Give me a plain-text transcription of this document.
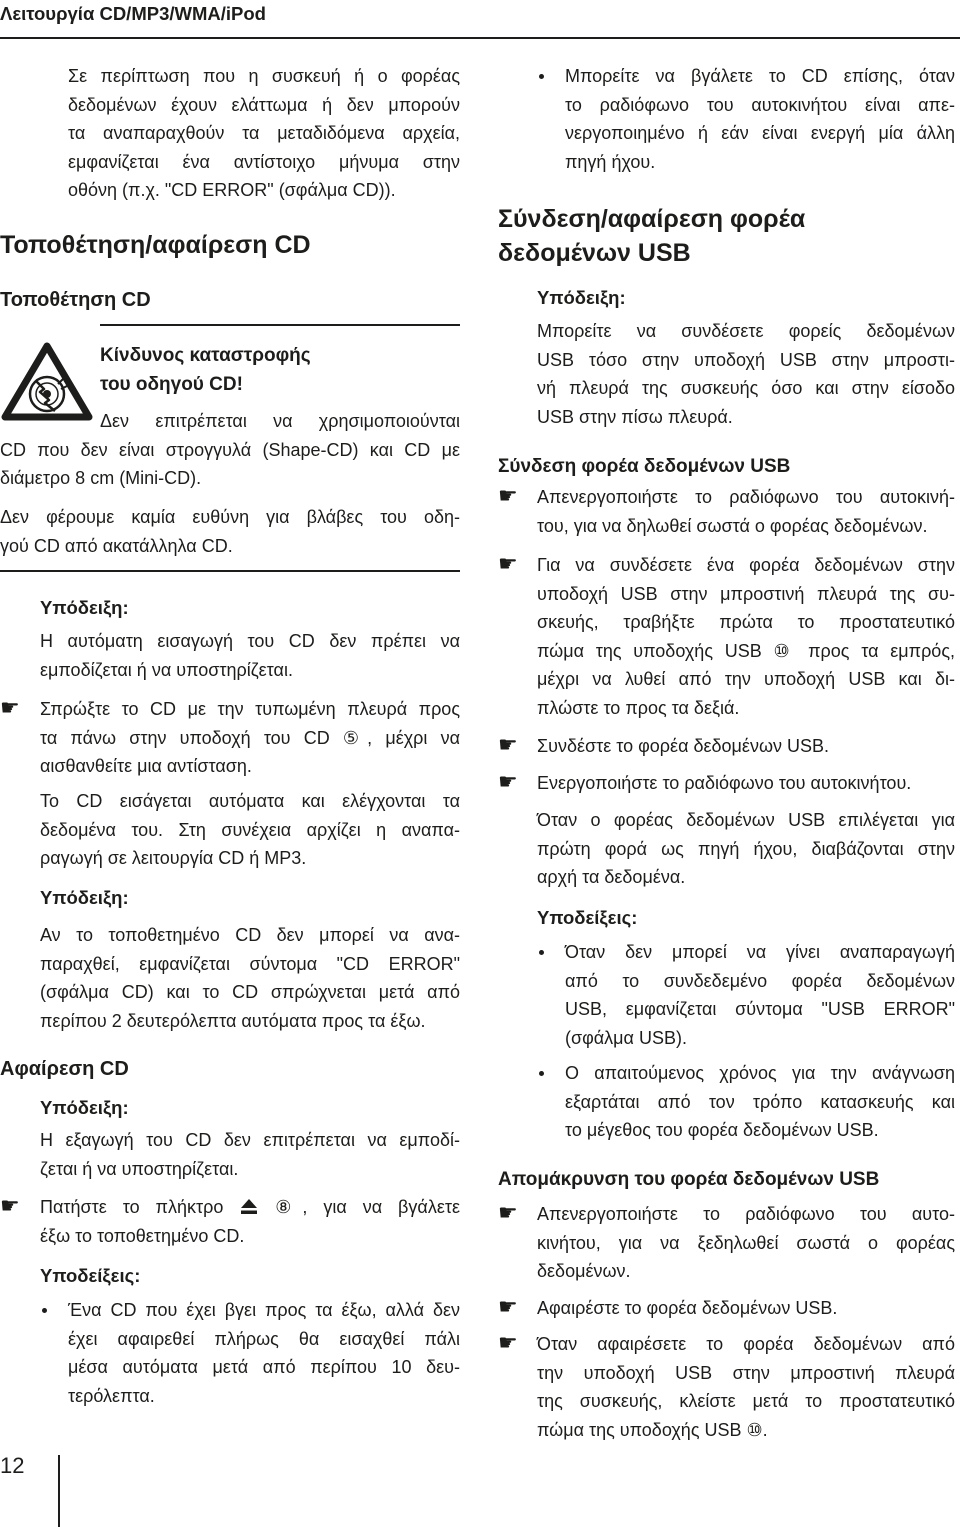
Λειτουργία CD/MP3/WMA/iPod
Σε περίπτωση που η συσκευή ή ο φορέας
δεδομένων έχουν ελάττωμα ή δεν μπορούν
τα αναπαραχθούν τα μεταδιδόμενα αρχεία,
εμφανίζεται ένα αντίστοιχο μήνυμα στην
οθόνη (π.χ. "CD ERROR" (σφάλμα CD)).
Τοποθέτηση/αφαίρεση CD
Τοποθέτηση CD
Κίνδυνος καταστροφής
του οδηγού CD!
Δεν επιτρέπεται να χρησιμοποιούνται
CD που δεν είναι στρογγυλά (Shape-CD) και CD με
διάμετρο 8 cm (Mini-CD).
Δεν φέρουμε καμία ευθύνη για βλάβες του οδη-
γού CD από ακατάλληλα CD.
Υπόδειξη:
Η αυτόματη εισαγωγή του CD δεν πρέπει να
εμποδίζεται ή να υποστηρίζεται.
☛
Σπρώξτε το CD με την τυπωμένη πλευρά προς
τα πάνω στην υποδοχή του CD ⑤, μέχρι να
αισθανθείτε μια αντίσταση.
Το CD εισάγεται αυτόματα και ελέγχονται τα
δεδομένα του. Στη συνέχεια αρχίζει η αναπα-
ραγωγή σε λειτουργία CD ή MP3.
Υπόδειξη:
Αν το τοποθετημένο CD δεν μπορεί να ανα-
παραχθεί, εμφανίζεται σύντομα "CD ERROR"
(σφάλμα CD) και το CD σπρώχνεται μετά από
περίπου 2 δευτερόλεπτα αυτόματα προς τα έξω.
Αφαίρεση CD
Υπόδειξη:
Η εξαγωγή του CD δεν επιτρέπεται να εμποδί-
ζεται ή να υποστηρίζεται.
☛
Πατήστε το πλήκτρο	⑧, για να βγάλετε
έξω το τοποθετημένο CD.
Υποδείξεις:
Ένα CD που έχει βγει προς τα έξω, αλλά δεν
έχει αφαιρεθεί πλήρως θα εισαχθεί πάλι
μέσα αυτόματα μετά από περίπου 10 δευ-
τερόλεπτα.
12
Μπορείτε να βγάλετε το CD επίσης, όταν
το ραδιόφωνο του αυτοκινήτου είναι απε-
νεργοποιημένο ή εάν είναι ενεργή μία άλλη
πηγή ήχου.
Σύνδεση/αφαίρεση φορέα
δεδομένων USB
Υπόδειξη:
Μπορείτε να συνδέσετε φορείς δεδομένων
USB τόσο στην υποδοχή USB στην μπροστι-
νή πλευρά της συσκευής όσο και στην είσοδο
USB στην πίσω πλευρά.
Σύνδεση φορέα δεδομένων USB
☛
Απενεργοποιήστε το ραδιόφωνο του αυτοκινή-
του, για να δηλωθεί σωστά ο φορέας δεδομένων.
☛
Για να συνδέσετε ένα φορέα δεδομένων στην
υποδοχή USB στην μπροστινή πλευρά της συ-
σκευής, τραβήξτε πρώτα το προστατευτικό
πώμα της υποδοχής USB ⑩ προς τα εμπρός,
μέχρι να λυθεί από την υποδοχή USB και δι-
πλώστε το προς τα δεξιά.
☛
Συνδέστε το φορέα δεδομένων USB.
☛
Ενεργοποιήστε το ραδιόφωνο του αυτοκινήτου.
Όταν ο φορέας δεδομένων USB επιλέγεται για
πρώτη φορά ως πηγή ήχου, διαβάζονται στην
αρχή τα δεδομένα.
Υποδείξεις:
Όταν δεν μπορεί να γίνει αναπαραγωγή
από το συνδεδεμένο φορέα δεδομένων
USB, εμφανίζεται σύντομα "USB ERROR"
(σφάλμα USB).
Ο απαιτούμενος χρόνος για την ανάγνωση
εξαρτάται από τον τρόπο κατασκευής και
το μέγεθος του φορέα δεδομένων USB.
Απομάκρυνση του φορέα δεδομένων USB
☛
Απενεργοποιήστε το ραδιόφωνο του αυτο-
κινήτου, για να ξεδηλωθεί σωστά ο φορέας
δεδομένων.
☛
Αφαιρέστε το φορέα δεδομένων USB.
☛
Όταν αφαιρέσετε το φορέα δεδομένων από
την υποδοχή USB στην μπροστινή πλευρά
της συσκευής, κλείστε μετά το προστατευτικό
πώμα της υποδοχής USB ⑩.
